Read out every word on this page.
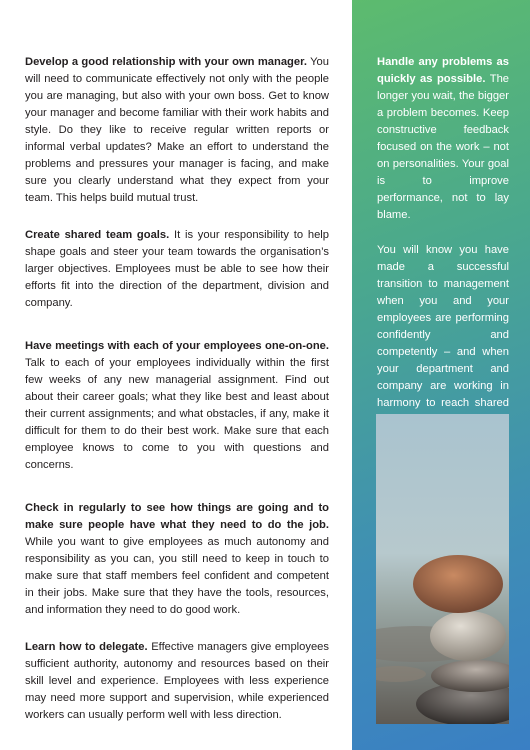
Develop a good relationship with your own manager. You will need to communicate effectively not only with the people you are managing, but also with your own boss. Get to know your manager and become familiar with their work habits and style. Do they like to receive regular written reports or informal verbal updates? Make an effort to understand the problems and pressures your manager is facing, and make sure you clearly understand what they expect from your team. This helps build mutual trust.

Create shared team goals. It is your responsibility to help shape goals and steer your team towards the organisation’s larger objectives. Employees must be able to see how their efforts fit into the direction of the department, division and company.

Have meetings with each of your employees one-on-one. Talk to each of your employees individually within the first few weeks of any new managerial assignment. Find out about their career goals; what they like best and least about their current assignments; and what obstacles, if any, make it difficult for them to do their best work. Make sure that each employee knows to come to you with questions and concerns.

Check in regularly to see how things are going and to make sure people have what they need to do the job. While you want to give employees as much autonomy and responsibility as you can, you still need to keep in touch to make sure that staff members feel confident and competent in their jobs. Make sure that they have the tools, resources, and information they need to do good work.

Learn how to delegate. Effective managers give employees sufficient authority, autonomy and resources based on their skill level and experience. Employees with less experience may need more support and supervision, while experienced workers can usually perform well with less direction.

Handle any problems as quickly as possible. The longer you wait, the bigger a problem becomes. Keep constructive feedback focused on the work – not on personalities. Your goal is to improve performance, not to lay blame.

You will know you have made a successful transition to management when you and your employees are performing confidently and competently – and when your department and company are working in harmony to reach shared
